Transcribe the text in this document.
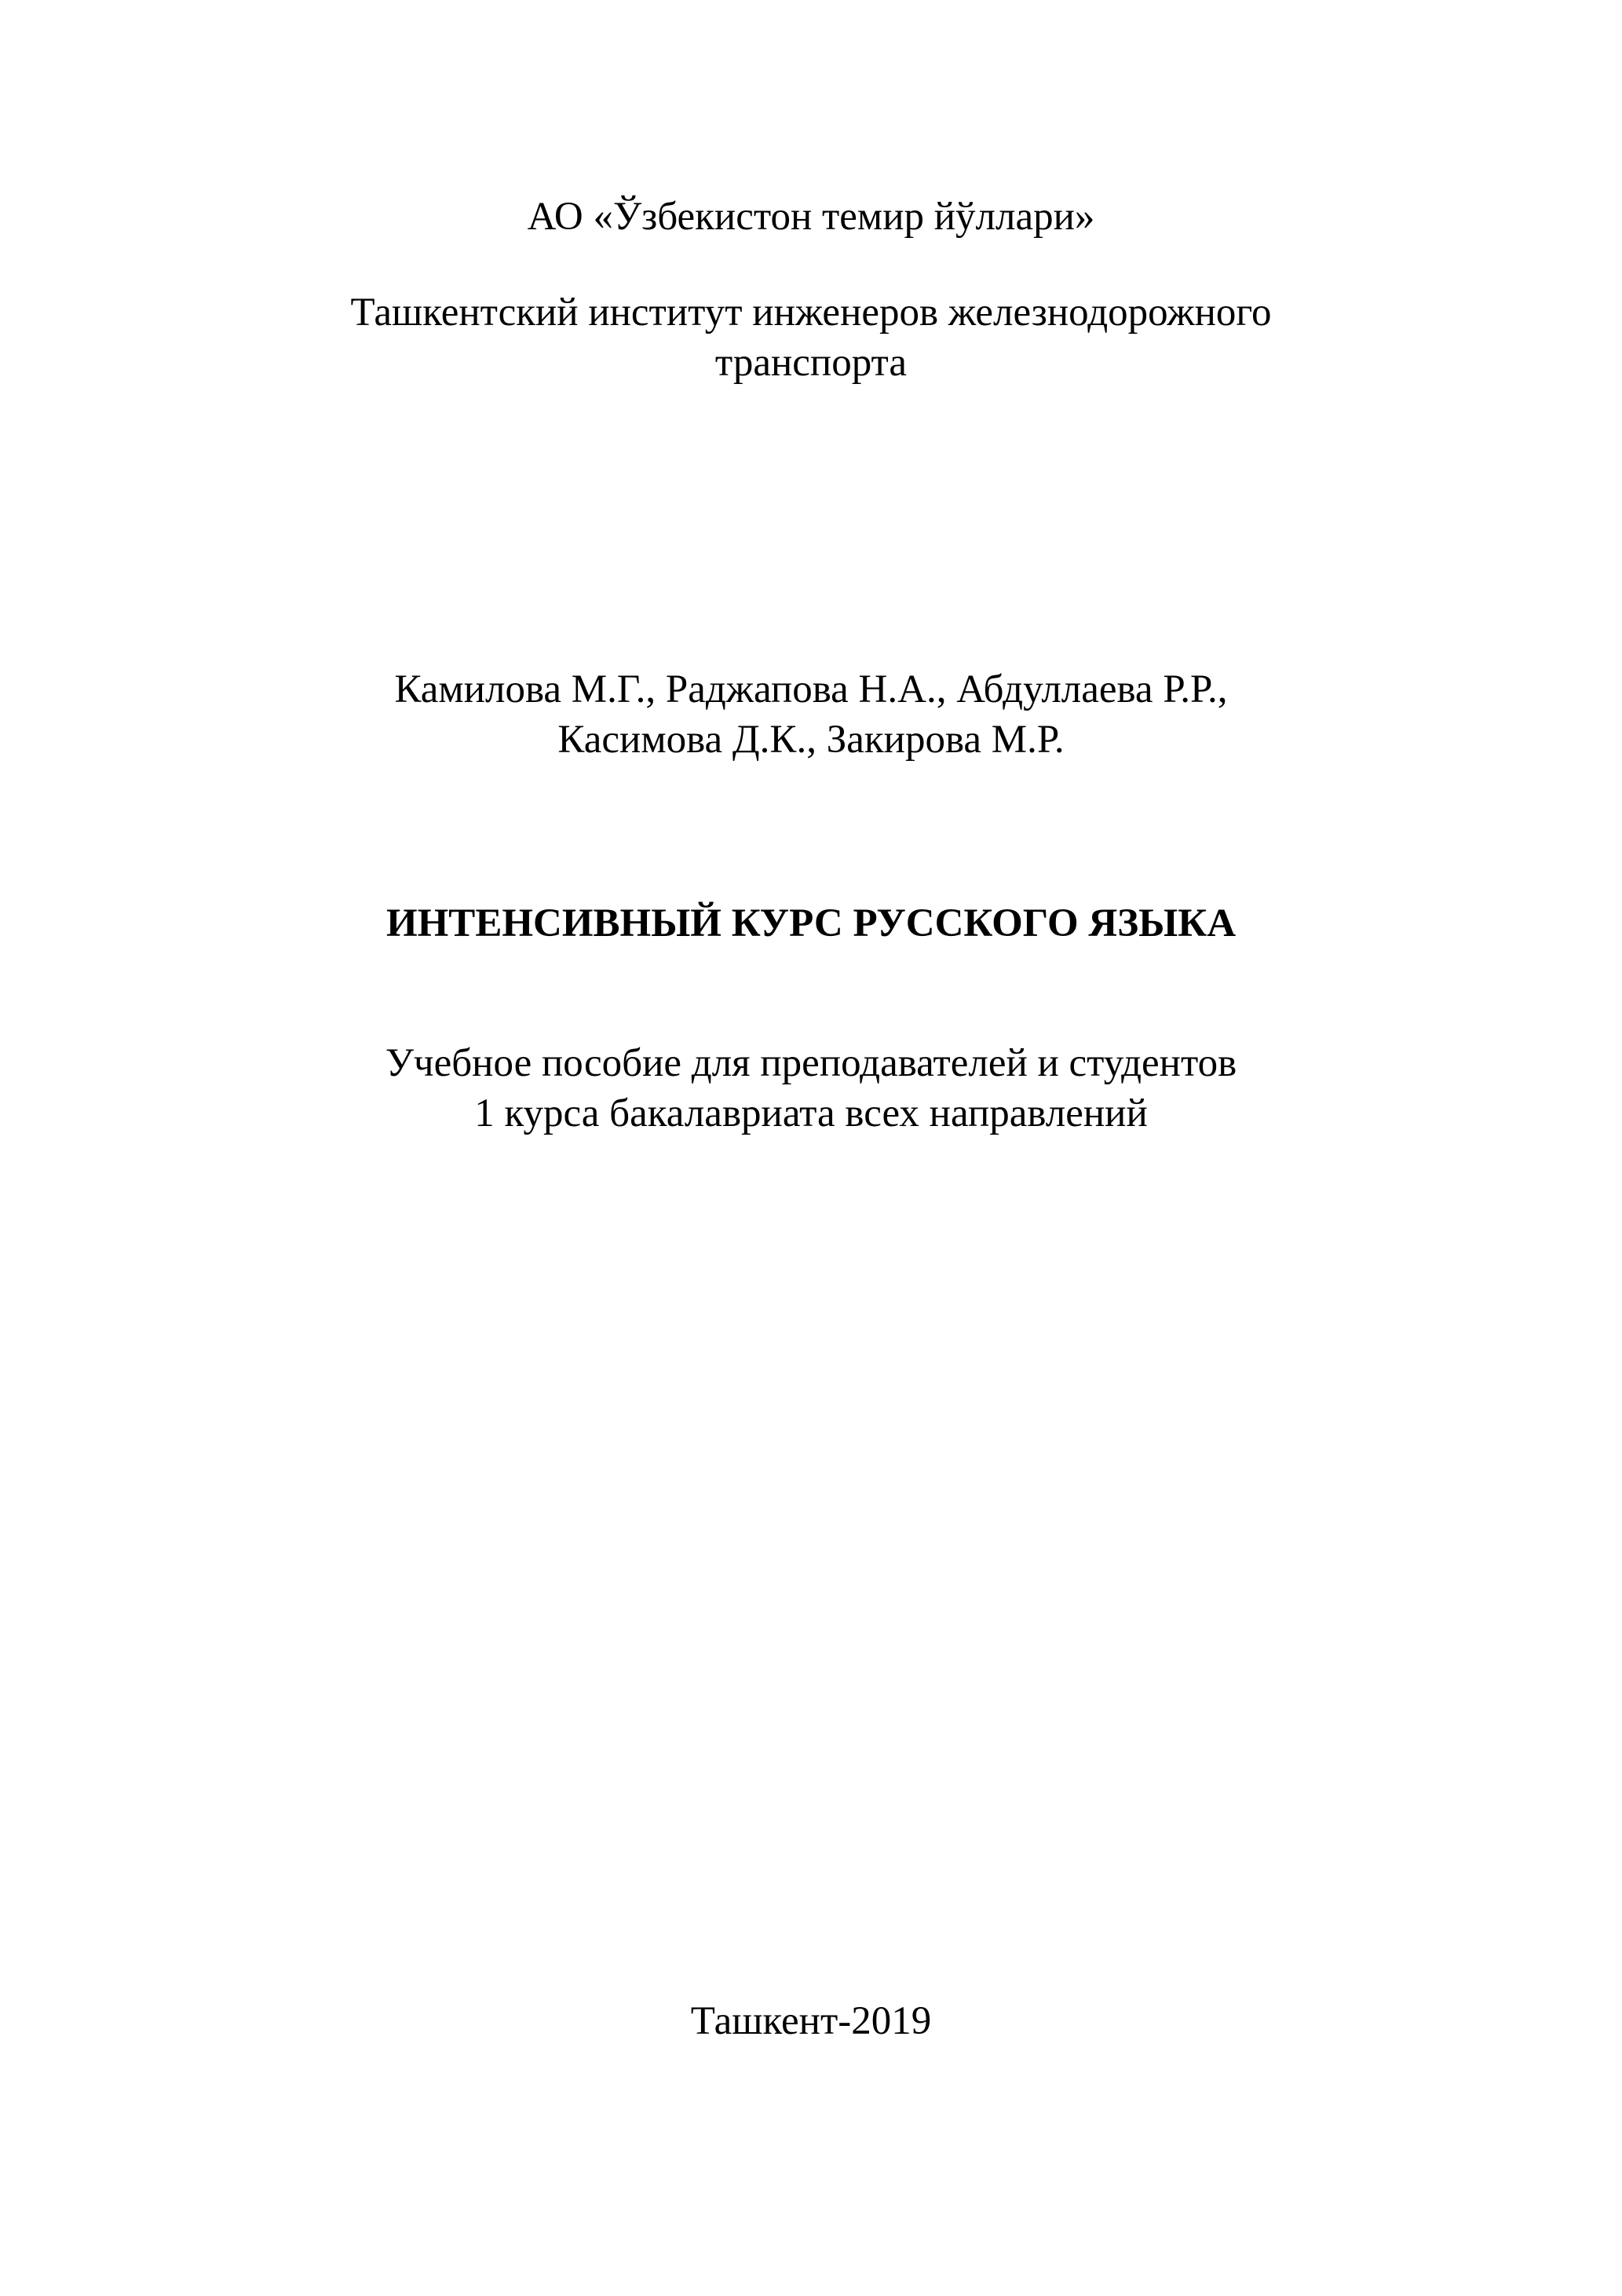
АО «Ўзбекистон темир йўллари»
Ташкентский институт инженеров железнодорожного
транспорта
Камилова М.Г., Раджапова Н.А., Абдуллаева Р.Р.,
Касимова Д.К., Закирова М.Р.
ИНТЕНСИВНЫЙ КУРС РУССКОГО ЯЗЫКА
Учебное пособие для преподавателей и студентов
1 курса бакалавриата всех направлений
Ташкент-2019
